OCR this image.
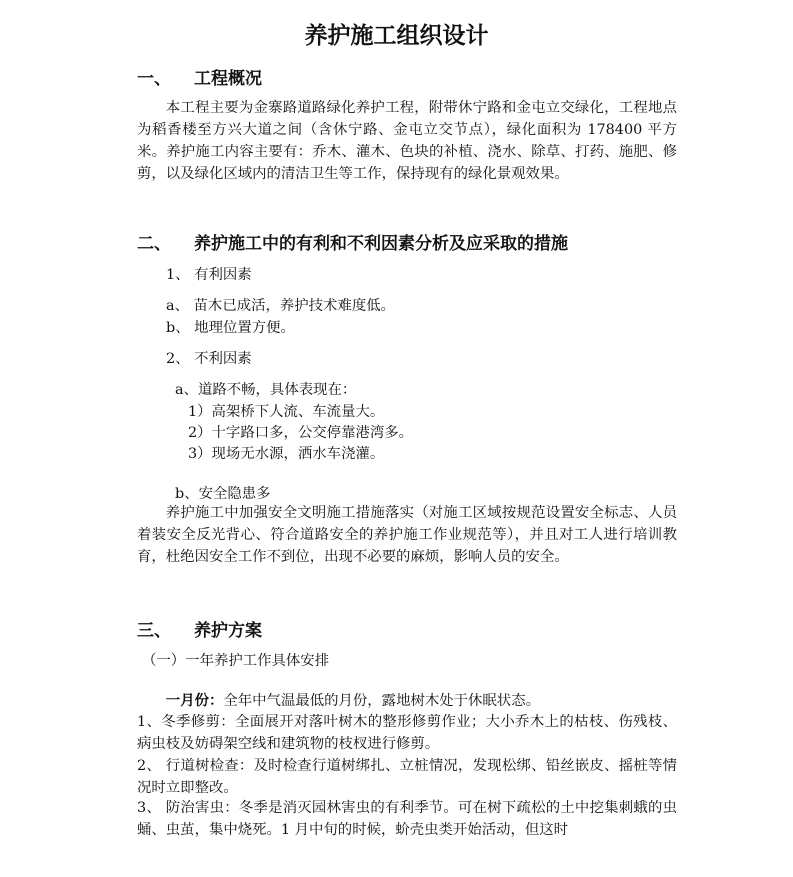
养护施工组织设计
一、 工程概况
本工程主要为金寨路道路绿化养护工程，附带休宁路和金屯立交绿化，工程地点为稻香楼至方兴大道之间（含休宁路、金屯立交节点），绿化面积为 178400 平方米。养护施工内容主要有：乔木、灌木、色块的补植、浇水、除草、打药、施肥、修剪，以及绿化区域内的清洁卫生等工作，保持现有的绿化景观效果。
二、 养护施工中的有利和不利因素分析及应采取的措施
1、 有利因素
a、 苗木已成活，养护技术难度低。
b、 地理位置方便。
2、 不利因素
a、道路不畅，具体表现在：
1）高架桥下人流、车流量大。
2）十字路口多，公交停靠港湾多。
3）现场无水源，洒水车浇灌。
b、安全隐患多
养护施工中加强安全文明施工措施落实（对施工区域按规范设置安全标志、人员着装安全反光背心、符合道路安全的养护施工作业规范等），并且对工人进行培训教育，杜绝因安全工作不到位，出现不必要的麻烦，影响人员的安全。
三、 养护方案
（一）一年养护工作具体安排
一月份：全年中气温最低的月份，露地树木处于休眠状态。
1、冬季修剪：全面展开对落叶树木的整形修剪作业；大小乔木上的枯枝、伤残枝、病虫枝及妨碍架空线和建筑物的枝杈进行修剪。
2、 行道树检查：及时检查行道树绑扎、立桩情况，发现松绑、铅丝嵌皮、摇桩等情况时立即整改。
3、 防治害虫：冬季是消灭园林害虫的有利季节。可在树下疏松的土中挖集刺蛾的虫蛹、虫茧，集中烧死。1 月中旬的时候，蚧壳虫类开始活动，但这时
